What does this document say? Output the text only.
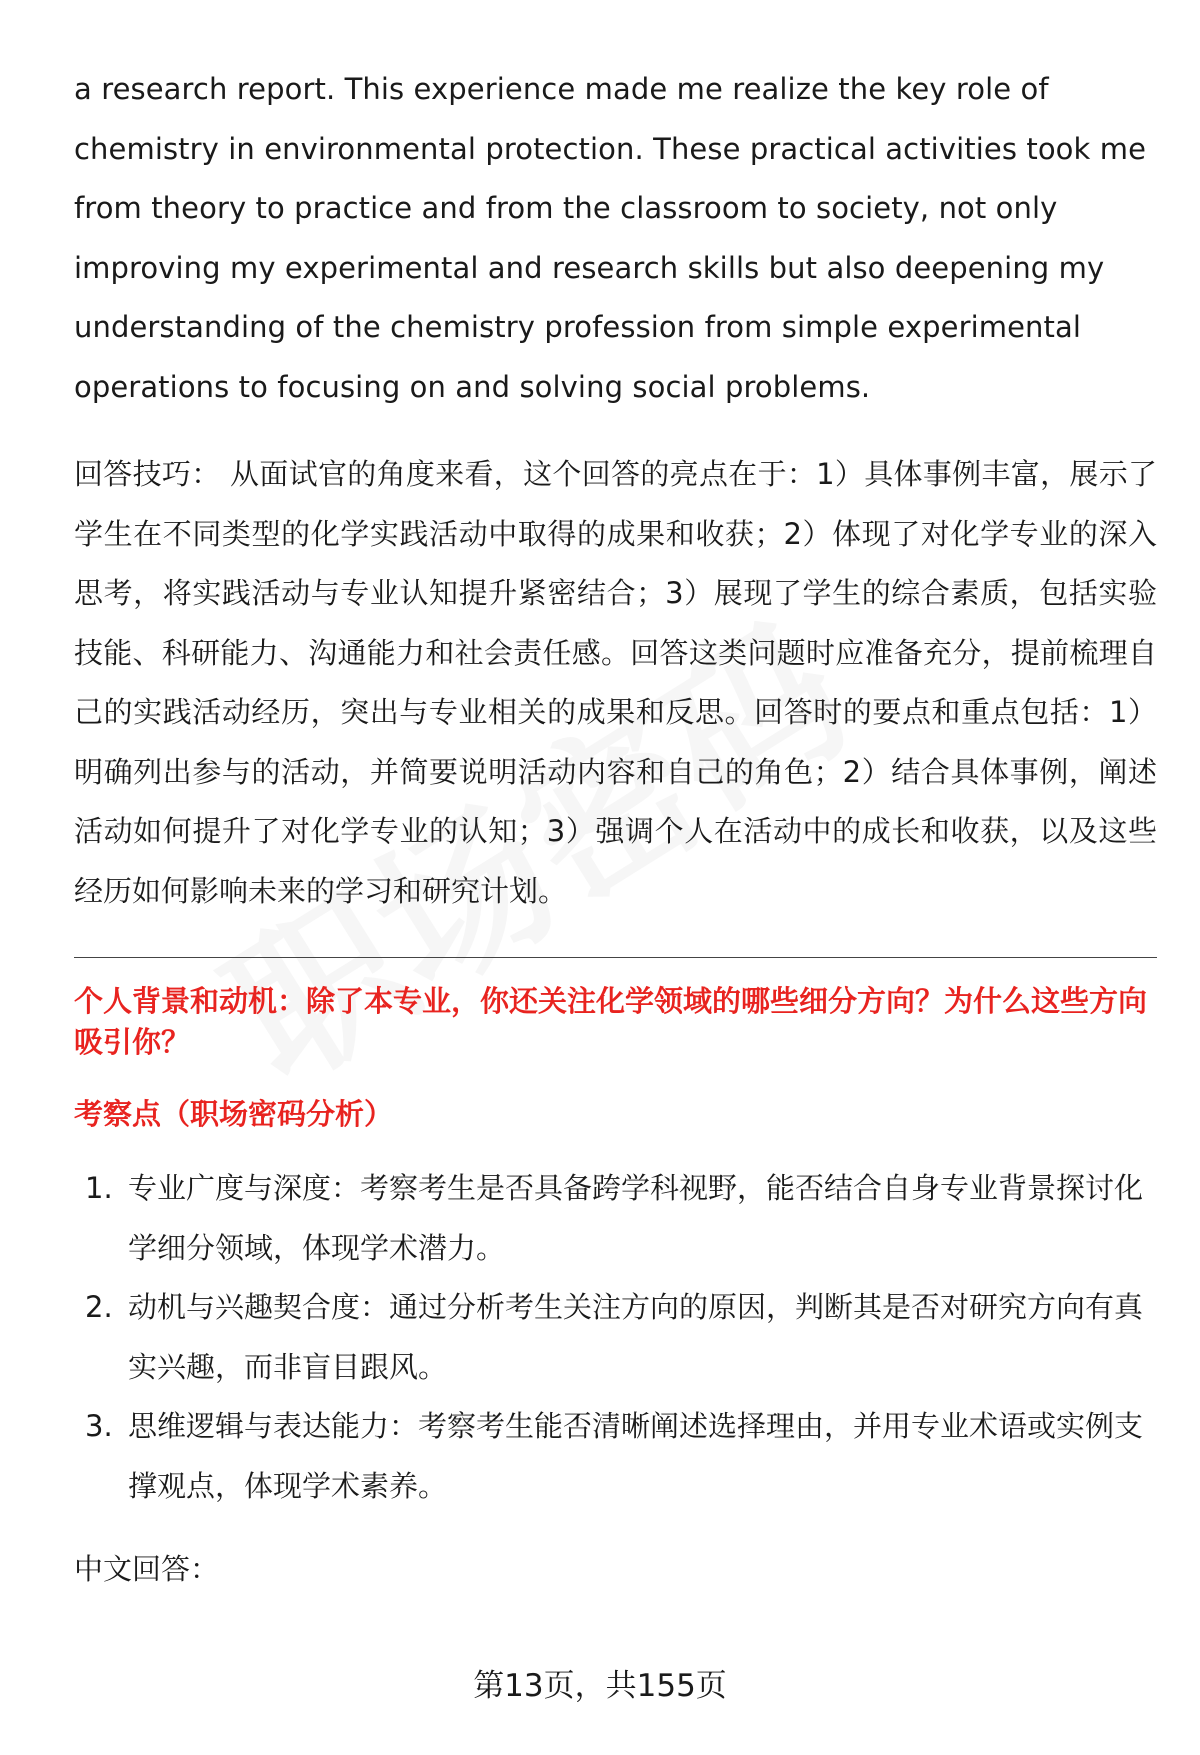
a research report. This experience made me realize the key role of chemistry in environmental protection. These practical activities took me from theory to practice and from the classroom to society, not only improving my experimental and research skills but also deepening my understanding of the chemistry profession from simple experimental operations to focusing on and solving social problems.

回答技巧： 从面试官的角度来看，这个回答的亮点在于：1）具体事例丰富，展示了学生在不同类型的化学实践活动中取得的成果和收获；2）体现了对化学专业的深入思考，将实践活动与专业认知提升紧密结合；3）展现了学生的综合素质，包括实验技能、科研能力、沟通能力和社会责任感。回答这类问题时应准备充分，提前梳理自己的实践活动经历，突出与专业相关的成果和反思。回答时的要点和重点包括：1）明确列出参与的活动，并简要说明活动内容和自己的角色；2）结合具体事例，阐述活动如何提升了对化学专业的认知；3）强调个人在活动中的成长和收获，以及这些经历如何影响未来的学习和研究计划。

个人背景和动机：除了本专业，你还关注化学领域的哪些细分方向？为什么这些方向吸引你？

考察点（职场密码分析）

1. 专业广度与深度：考察考生是否具备跨学科视野，能否结合自身专业背景探讨化学细分领域，体现学术潜力。
2. 动机与兴趣契合度：通过分析考生关注方向的原因，判断其是否对研究方向有真实兴趣，而非盲目跟风。
3. 思维逻辑与表达能力：考察考生能否清晰阐述选择理由，并用专业术语或实例支撑观点，体现学术素养。

中文回答：

第13页，共155页
